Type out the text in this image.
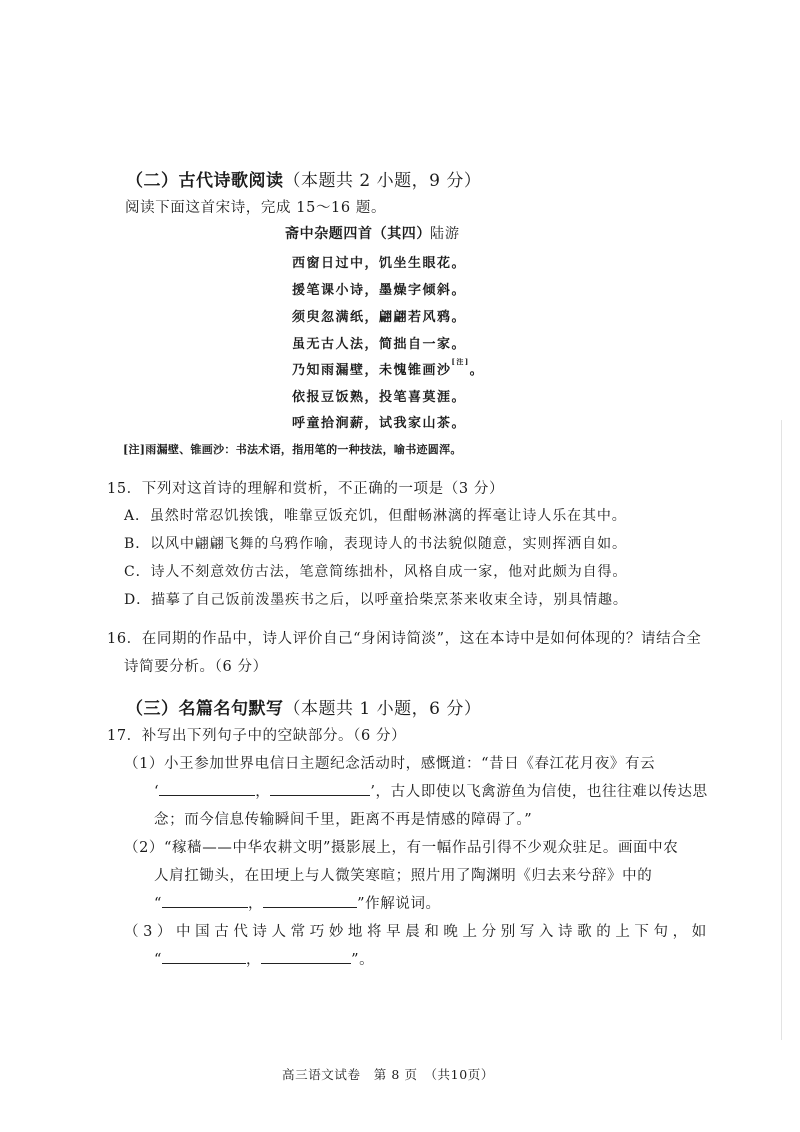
（二）古代诗歌阅读（本题共 2 小题，9 分）
阅读下面这首宋诗，完成 15～16 题。
斋中杂题四首（其四） 陆游
西窗日过中，饥坐生眼花。
援笔课小诗，墨燥字倾斜。
须臾忽满纸，翩翩若风鸦。
虽无古人法，简拙自一家。
乃知雨漏壁，未愧锥画沙[注]。
依报豆饭熟，投笔喜莫涯。
呼童拾涧薪，试我家山茶。
[注]雨漏壁、锥画沙：书法术语，指用笔的一种技法，喻书迹圆浑。
15．下列对这首诗的理解和赏析，不正确的一项是（3 分）
A．虽然时常忍饥挨饿，唯靠豆饭充饥，但酣畅淋漓的挥毫让诗人乐在其中。
B．以风中翩翩飞舞的乌鸦作喻，表现诗人的书法貌似随意，实则挥洒自如。
C．诗人不刻意效仿古法，笔意简练拙朴，风格自成一家，他对此颇为自得。
D．描摹了自己饭前泼墨疾书之后，以呼童拾柴烹茶来收束全诗，别具情趣。
16．在同期的作品中，诗人评价自己“身闲诗简淡”，这在本诗中是如何体现的？请结合全
诗简要分析。（6 分）
（三）名篇名句默写（本题共 1 小题，6 分）
17．补写出下列句子中的空缺部分。（6 分）
（1）小王参加世界电信日主题纪念活动时，感慨道：“昔日《春江花月夜》有云
‘	，	’，古人即使以飞禽游鱼为信使，也往往难以传达思
念；而今信息传输瞬间千里，距离不再是情感的障碍了。”
（2）“稼穑——中华农耕文明”摄影展上，有一幅作品引得不少观众驻足。画面中农
人肩扛锄头，在田埂上与人微笑寒暄；照片用了陶渊明《归去来兮辞》中的
“	，	”作解说词。
（3）中国古代诗人常巧妙地将早晨和晚上分别写入诗歌的上下句，如
“	，	”。
高三语文试卷　第 8 页　（共10页）
